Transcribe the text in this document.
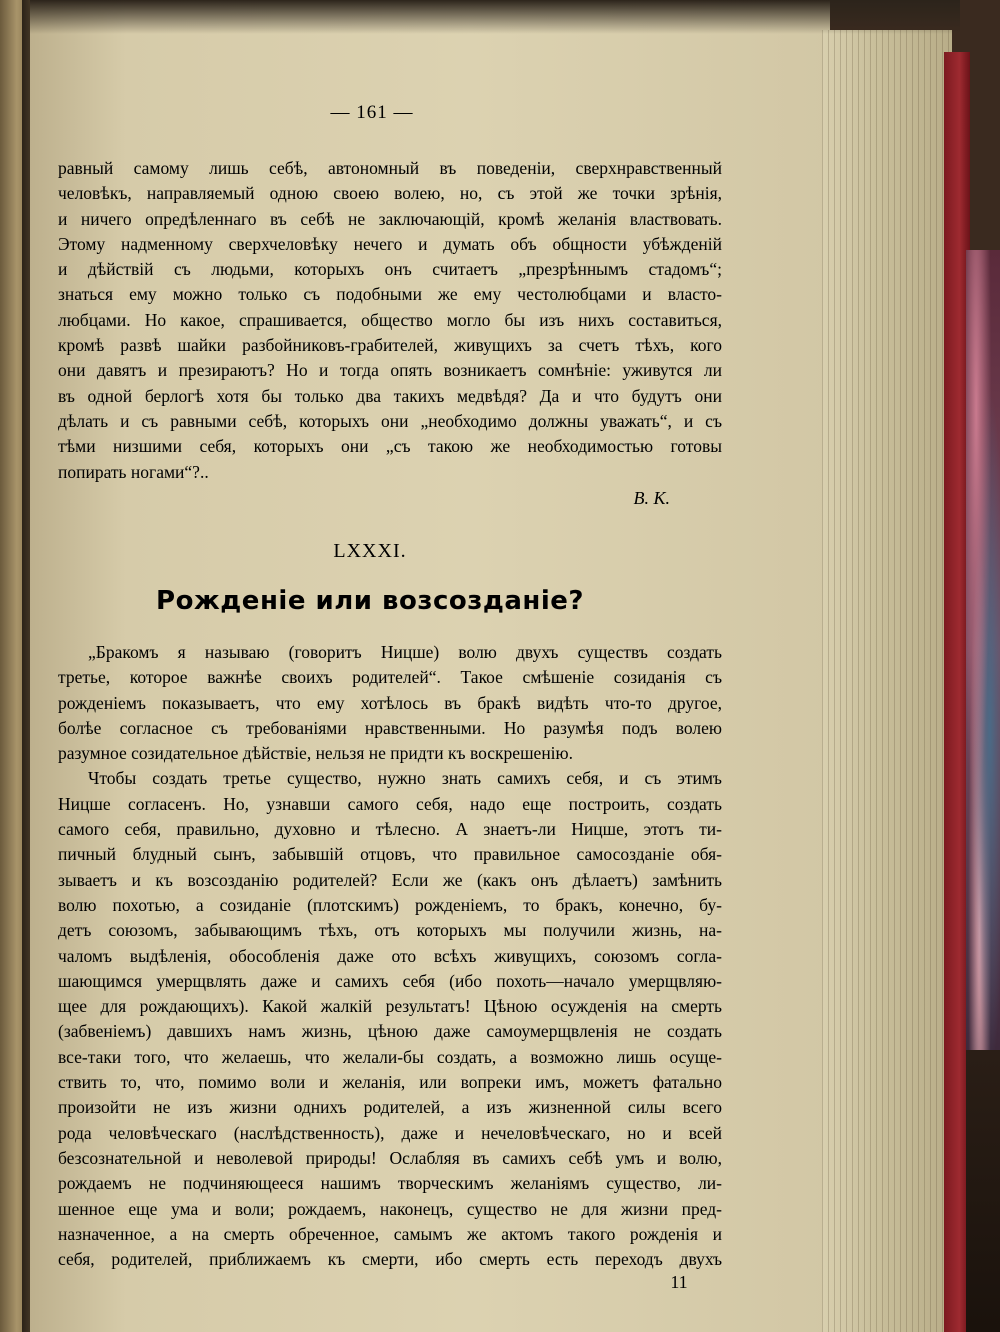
— 161 —
равный самому лишь себѣ, автономный въ поведеніи, сверхнравственный
человѣкъ, направляемый одною своею волею, но, съ этой же точки зрѣнія,
и ничего опредѣленнаго въ себѣ не заключающій, кромѣ желанія властвовать.
Этому надменному сверхчеловѣку нечего и думать объ общности убѣжденій
и дѣйствій съ людьми, которыхъ онъ считаетъ „презрѣннымъ стадомъ“;
знаться ему можно только съ подобными же ему честолюбцами и власто-
любцами. Но какое, спрашивается, общество могло бы изъ нихъ составиться,
кромѣ развѣ шайки разбойниковъ-грабителей, живущихъ за счетъ тѣхъ, кого
они давятъ и презираютъ? Но и тогда опять возникаетъ сомнѣніе: уживутся ли
въ одной берлогѣ хотя бы только два такихъ медвѣдя? Да и что будутъ они
дѣлать и съ равными себѣ, которыхъ они „необходимо должны уважать“, и съ
тѣми низшими себя, которыхъ они „съ такою же необходимостью готовы
попирать ногами“?..
В. К.
LXXXI.
Рожденіе или возсозданіе?
„Бракомъ я называю (говоритъ Ницше) волю двухъ существъ создать
третье, которое важнѣе своихъ родителей“. Такое смѣшеніе созиданія съ
рожденіемъ показываетъ, что ему хотѣлось въ бракѣ видѣть что-то другое,
болѣе согласное съ требованіями нравственными. Но разумѣя подъ волею
разумное созидательное дѣйствіе, нельзя не придти къ воскрешенію.
Чтобы создать третье существо, нужно знать самихъ себя, и съ этимъ
Ницше согласенъ. Но, узнавши самого себя, надо еще построить, создать
самого себя, правильно, духовно и тѣлесно. А знаетъ-ли Ницше, этотъ ти-
пичный блудный сынъ, забывшій отцовъ, что правильное самосозданіе обя-
зываетъ и къ возсозданію родителей? Если же (какъ онъ дѣлаетъ) замѣнить
волю похотью, а созиданіе (плотскимъ) рожденіемъ, то бракъ, конечно, бу-
детъ союзомъ, забывающимъ тѣхъ, отъ которыхъ мы получили жизнь, на-
чаломъ выдѣленія, обособленія даже ото всѣхъ живущихъ, союзомъ согла-
шающимся умерщвлять даже и самихъ себя (ибо похоть—начало умерщвляю-
щее для рождающихъ). Какой жалкій результатъ! Цѣною осужденія на смерть
(забвеніемъ) давшихъ намъ жизнь, цѣною даже самоумерщвленія не создать
все-таки того, что желаешь, что желали-бы создать, а возможно лишь осуще-
ствить то, что, помимо воли и желанія, или вопреки имъ, можетъ фатально
произойти не изъ жизни однихъ родителей, а изъ жизненной силы всего
рода человѣческаго (наслѣдственность), даже и нечеловѣческаго, но и всей
безсознательной и неволевой природы! Ослабляя въ самихъ себѣ умъ и волю,
рождаемъ не подчиняющееся нашимъ творческимъ желаніямъ существо, ли-
шенное еще ума и воли; рождаемъ, наконецъ, существо не для жизни пред-
назначенное, а на смерть обреченное, самымъ же актомъ такого рожденія и
себя, родителей, приближаемъ къ смерти, ибо смерть есть переходъ двухъ
11
